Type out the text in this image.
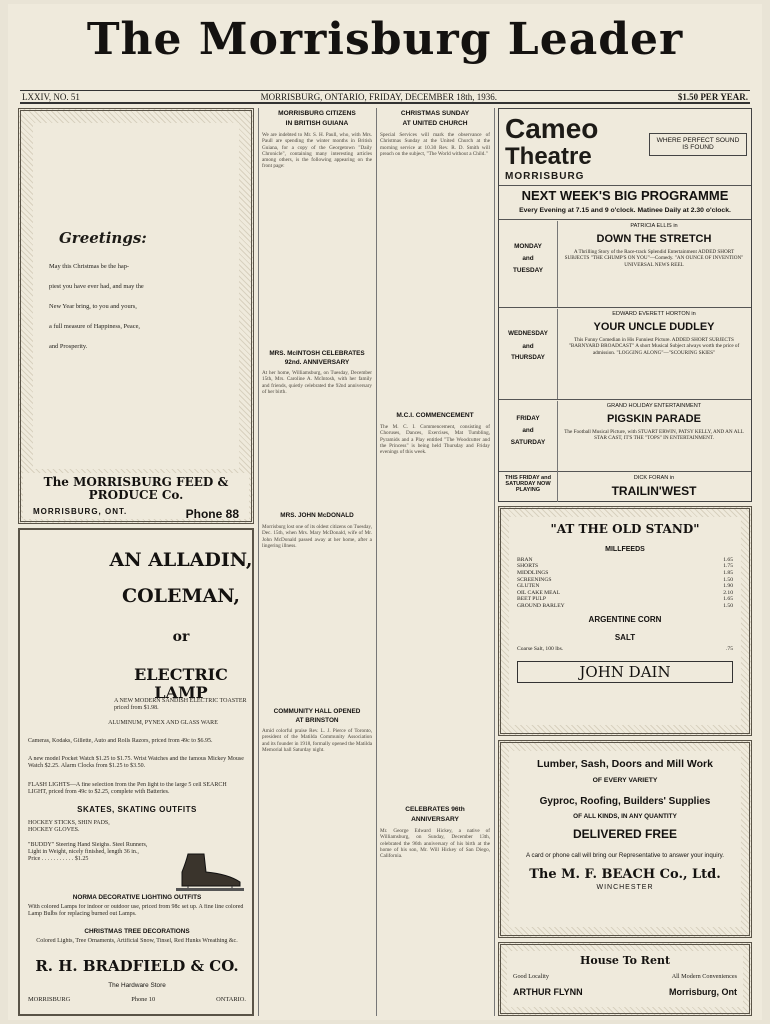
The Morrisburg Leader
LXXIV, NO. 51	MORRISBURG, ONTARIO, FRIDAY, DECEMBER 18th, 1936.	$1.50 PER YEAR.
Greetings:
May this Christmas be the hap-
piest you have ever had, and may the
New Year bring, to you and yours,
a full measure of Happiness, Peace,
and Prosperity.
The MORRISBURG FEED & PRODUCE Co.
MORRISBURG, ONT.	Phone 88
AN ALLADIN,
COLEMAN,
or
ELECTRIC LAMP
A NEW MODERN SANDISH ELECTRIC TOASTER priced from $1.98.
ALUMINUM, PYNEX AND GLASS WARE
Cameras, Kodaks, Gillette, Auto and Rolls Razors, priced from 49c to $6.95.
A new model Pocket Watch $1.25 to $1.75. Wrist Watches and the famous Mickey Mouse Watch $2.25. Alarm Clocks from $1.25 to $3.50.
FLASH LIGHTS—A fine selection from the Pen light to the large 5 cell SEARCH LIGHT, priced from 49c to $2.25, complete with Batteries.
SKATES, SKATING OUTFITS
HOCKEY STICKS, SHIN PADS, HOCKEY GLOVES.
"BUDDY" Steering Hand Sleighs. Steel Runners, Light in Weight, nicely finished, length 36 in., Price . . . . . . . . . . . $1.25
NORMA DECORATIVE LIGHTING OUTFITS
With colored Lamps for indoor or outdoor use, priced from 98c set up. A fine line colored Lamp Bulbs for replacing burned out Lamps.
CHRISTMAS TREE DECORATIONS
Colored Lights, Tree Ornaments, Artificial Snow, Tinsel, Red Hunks Wreathing &c.
R. H. BRADFIELD & CO.
The Hardware Store
MORRISBURG	Phone 10	ONTARIO.
MORRISBURG CITIZENS
IN BRITISH GUIANA
We are indebted to Mr. S. H. Paull, who, with Mrs. Paull are spending the winter months in British Guiana, for a copy of the Georgetown "Daily Chronicle", containing many interesting articles among others, is the following appearing on the front page:
MRS. McINTOSH CELEBRATES
92nd. ANNIVERSARY
At her home, Williamsburg, on Tuesday, December 15th, Mrs. Caroline A. McIntosh, with her family and friends, quietly celebrated the 92nd anniversary of her birth.
MRS. JOHN McDONALD
Morrisburg lost one of its oldest citizens on Tuesday, Dec. 15th, when Mrs. Mary McDonald, wife of Mr. John McDonald passed away at her home, after a lingering illness.
COMMUNITY HALL OPENED
AT BRINSTON
Amid colorful praise Rev. L. J. Pierce of Toronto, president of the Matilda Community Association and its founder in 1918, formally opened the Matilda Memorial hall Saturday night.
CHRISTMAS SUNDAY
AT UNITED CHURCH
Special Services will mark the observance of Christmas Sunday at the United Church at the morning service at 10.30 Rev. R. D. Smith will preach on the subject, "The World without a Child."
M.C.I. COMMENCEMENT
The M. C. I. Commencement, consisting of Choruses, Dances, Exercises, Mat Tumbling, Pyramids and a Play entitled "The Woodcutter and the Princess" is being held Thursday and Friday evenings of this week.
CELEBRATES 96th
ANNIVERSARY
Mr. George Edward Hickey, a native of Williamsburg, on Sunday, December 13th, celebrated the 96th anniversary of his birth at the home of his son, Mr. Will Hickey of San Diego, California.
Cameo
Theatre
MORRISBURG
WHERE PERFECT SOUND IS FOUND
NEXT WEEK'S BIG PROGRAMME
Every Evening at 7.15 and 9 o'clock. Matinee Daily at 2.30 o'clock.
MONDAY
and
TUESDAY
PATRICIA ELLIS in
DOWN THE STRETCH
A Thrilling Story of the Race-track Splendid Entertainment ADDED SHORT SUBJECTS "THE CHUMP'S ON YOU"—Comedy. "AN OUNCE OF INVENTION" UNIVERSAL NEWS REEL
WEDNESDAY
and
THURSDAY
EDWARD EVERETT HORTON in
YOUR UNCLE DUDLEY
This Funny Comedian in His Funniest Picture. ADDED SHORT SUBJECTS "BARNYARD BROADCAST" A short Musical Subject always worth the price of admission. "LOGGING ALONG"—"SCOURING SKIES"
FRIDAY
and
SATURDAY
GRAND HOLIDAY ENTERTAINMENT
PIGSKIN PARADE
The Football Musical Picture, with STUART ERWIN, PATSY KELLY, AND AN ALL STAR CAST, IT'S THE "TOPS" IN ENTERTAINMENT.
THIS FRIDAY and SATURDAY NOW PLAYING
DICK FORAN in
TRAILIN'WEST
"AT THE OLD STAND"
MILLFEEDS
BRAN	1.65
SHORTS	1.75
MIDDLINGS	1.85
SCREENINGS	1.50
GLUTEN	1.90
OIL CAKE MEAL	2.10
BEET PULP	1.65
GROUND BARLEY	1.50
ARGENTINE CORN
SALT
Coarse Salt, 100 lbs.	.75
JOHN DAIN
Lumber, Sash, Doors and Mill Work
OF EVERY VARIETY
Gyproc, Roofing, Builders' Supplies
OF ALL KINDS, IN ANY QUANTITY
DELIVERED FREE
A card or phone call will bring our Representative to answer your inquiry.
The M. F. BEACH Co., Ltd.
WINCHESTER
House To Rent
Good Locality	All Modern Conveniences
ARTHUR FLYNN	Morrisburg, Ont
